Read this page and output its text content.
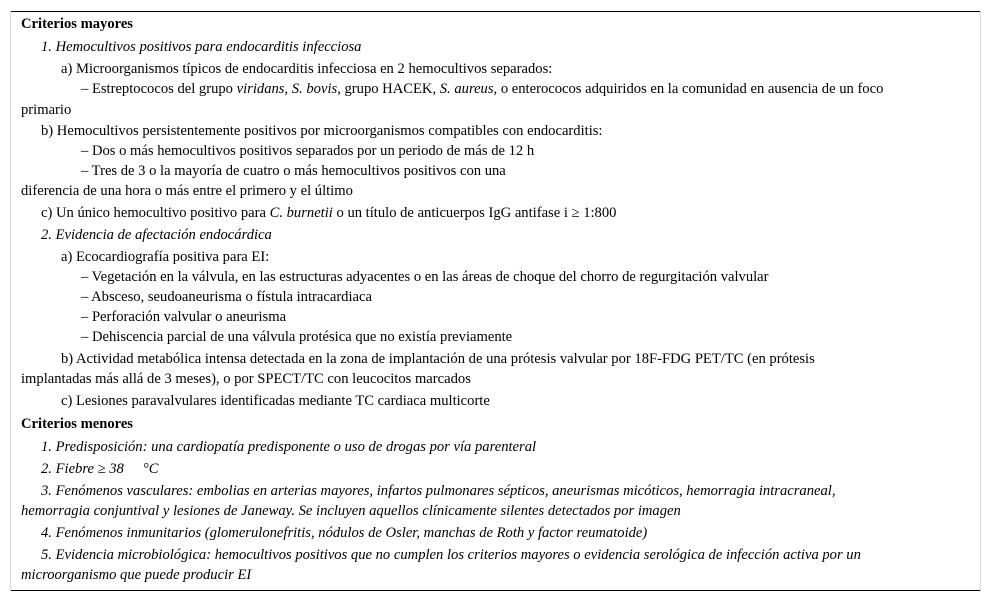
Criterios mayores
1. Hemocultivos positivos para endocarditis infecciosa
a) Microorganismos típicos de endocarditis infecciosa en 2 hemocultivos separados:
– Estreptococos del grupo viridans, S. bovis, grupo HACEK, S. aureus, o enterococos adquiridos en la comunidad en ausencia de un foco
primario
b) Hemocultivos persistentemente positivos por microorganismos compatibles con endocarditis:
– Dos o más hemocultivos positivos separados por un periodo de más de 12 h
– Tres de 3 o la mayoría de cuatro o más hemocultivos positivos con una
diferencia de una hora o más entre el primero y el último
c) Un único hemocultivo positivo para C. burnetii o un título de anticuerpos IgG antifase i ≥ 1:800
2. Evidencia de afectación endocárdica
a) Ecocardiografía positiva para EI:
– Vegetación en la válvula, en las estructuras adyacentes o en las áreas de choque del chorro de regurgitación valvular
– Absceso, seudoaneurisma o fístula intracardiaca
– Perforación valvular o aneurisma
– Dehiscencia parcial de una válvula protésica que no existía previamente
b) Actividad metabólica intensa detectada en la zona de implantación de una prótesis valvular por 18F-FDG PET/TC (en prótesis
implantadas más allá de 3 meses), o por SPECT/TC con leucocitos marcados
c) Lesiones paravalvulares identificadas mediante TC cardiaca multicorte
Criterios menores
1. Predisposición: una cardiopatía predisponente o uso de drogas por vía parenteral
2. Fiebre ≥ 38 °C
3. Fenómenos vasculares: embolias en arterias mayores, infartos pulmonares sépticos, aneurismas micóticos, hemorragia intracraneal,
hemorragia conjuntival y lesiones de Janeway. Se incluyen aquellos clínicamente silentes detectados por imagen
4. Fenómenos inmunitarios (glomerulonefritis, nódulos de Osler, manchas de Roth y factor reumatoide)
5. Evidencia microbiológica: hemocultivos positivos que no cumplen los criterios mayores o evidencia serológica de infección activa por un
microorganismo que puede producir EI
